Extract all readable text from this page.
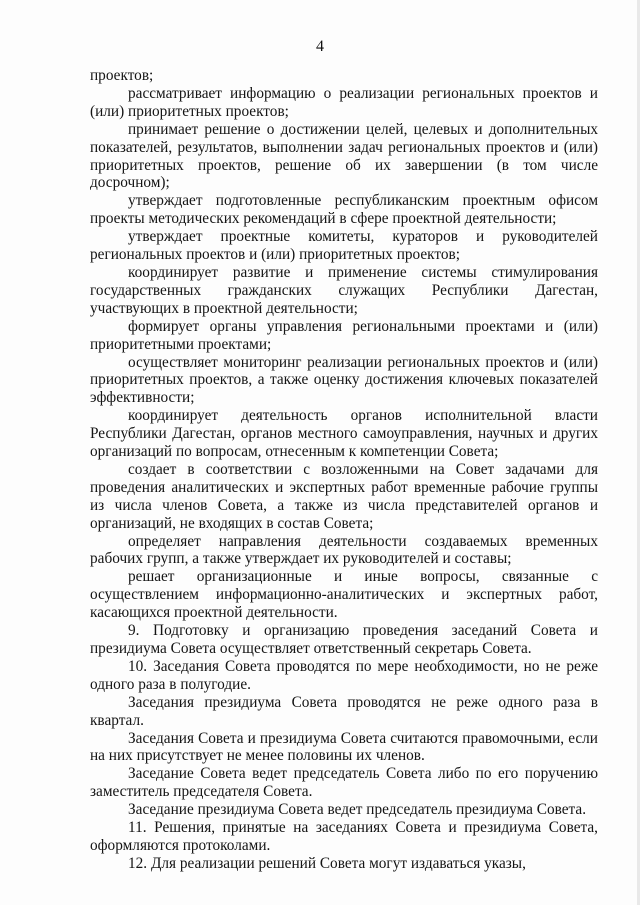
4

проектов;

рассматривает информацию о реализации региональных проектов и (или) приоритетных проектов;

принимает решение о достижении целей, целевых и дополнительных показателей, результатов, выполнении задач региональных проектов и (или) приоритетных проектов, решение об их завершении (в том числе досрочном);

утверждает подготовленные республиканским проектным офисом проекты методических рекомендаций в сфере проектной деятельности;

утверждает проектные комитеты, кураторов и руководителей региональных проектов и (или) приоритетных проектов;

координирует развитие и применение системы стимулирования государственных гражданских служащих Республики Дагестан, участвующих в проектной деятельности;

формирует органы управления региональными проектами и (или) приоритетными проектами;

осуществляет мониторинг реализации региональных проектов и (или) приоритетных проектов, а также оценку достижения ключевых показателей эффективности;

координирует деятельность органов исполнительной власти Республики Дагестан, органов местного самоуправления, научных и других организаций по вопросам, отнесенным к компетенции Совета;

создает в соответствии с возложенными на Совет задачами для проведения аналитических и экспертных работ временные рабочие группы из числа членов Совета, а также из числа представителей органов и организаций, не входящих в состав Совета;

определяет направления деятельности создаваемых временных рабочих групп, а также утверждает их руководителей и составы;

решает организационные и иные вопросы, связанные с осуществлением информационно-аналитических и экспертных работ, касающихся проектной деятельности.

9. Подготовку и организацию проведения заседаний Совета и президиума Совета осуществляет ответственный секретарь Совета.

10. Заседания Совета проводятся по мере необходимости, но не реже одного раза в полугодие.

Заседания президиума Совета проводятся не реже одного раза в квартал.

Заседания Совета и президиума Совета считаются правомочными, если на них присутствует не менее половины их членов.

Заседание Совета ведет председатель Совета либо по его поручению заместитель председателя Совета.

Заседание президиума Совета ведет председатель президиума Совета.

11. Решения, принятые на заседаниях Совета и президиума Совета, оформляются протоколами.

12. Для реализации решений Совета могут издаваться указы,
